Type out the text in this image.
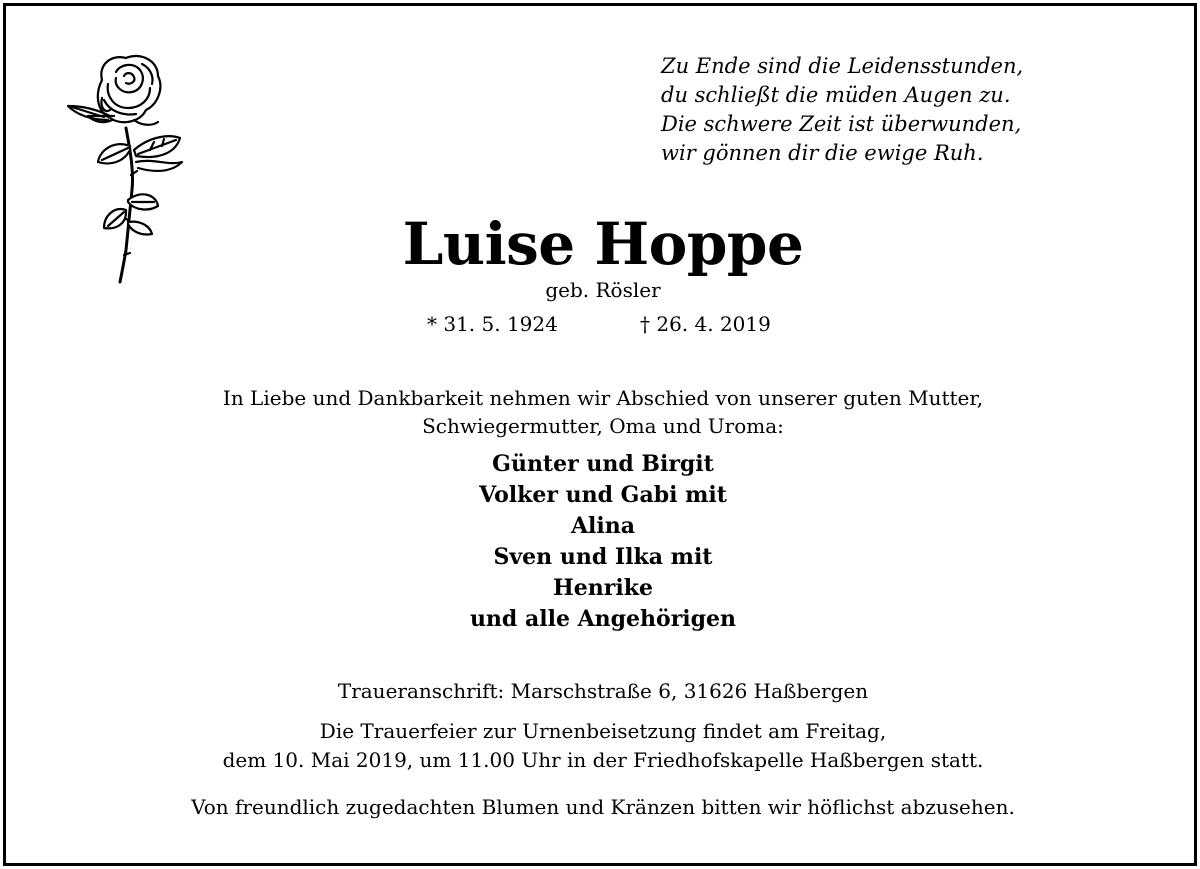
Zu Ende sind die Leidensstunden,
du schließt die müden Augen zu.
Die schwere Zeit ist überwunden,
wir gönnen dir die ewige Ruh.
Luise Hoppe
geb. Rösler
* 31. 5. 1924	† 26. 4. 2019
In Liebe und Dankbarkeit nehmen wir Abschied von unserer guten Mutter,
Schwiegermutter, Oma und Uroma:
Günter und Birgit
Volker und Gabi mit
Alina
Sven und Ilka mit
Henrike
und alle Angehörigen
Traueranschrift: Marschstraße 6, 31626 Haßbergen
Die Trauerfeier zur Urnenbeisetzung findet am Freitag,
dem 10. Mai 2019, um 11.00 Uhr in der Friedhofskapelle Haßbergen statt.
Von freundlich zugedachten Blumen und Kränzen bitten wir höflichst abzusehen.
